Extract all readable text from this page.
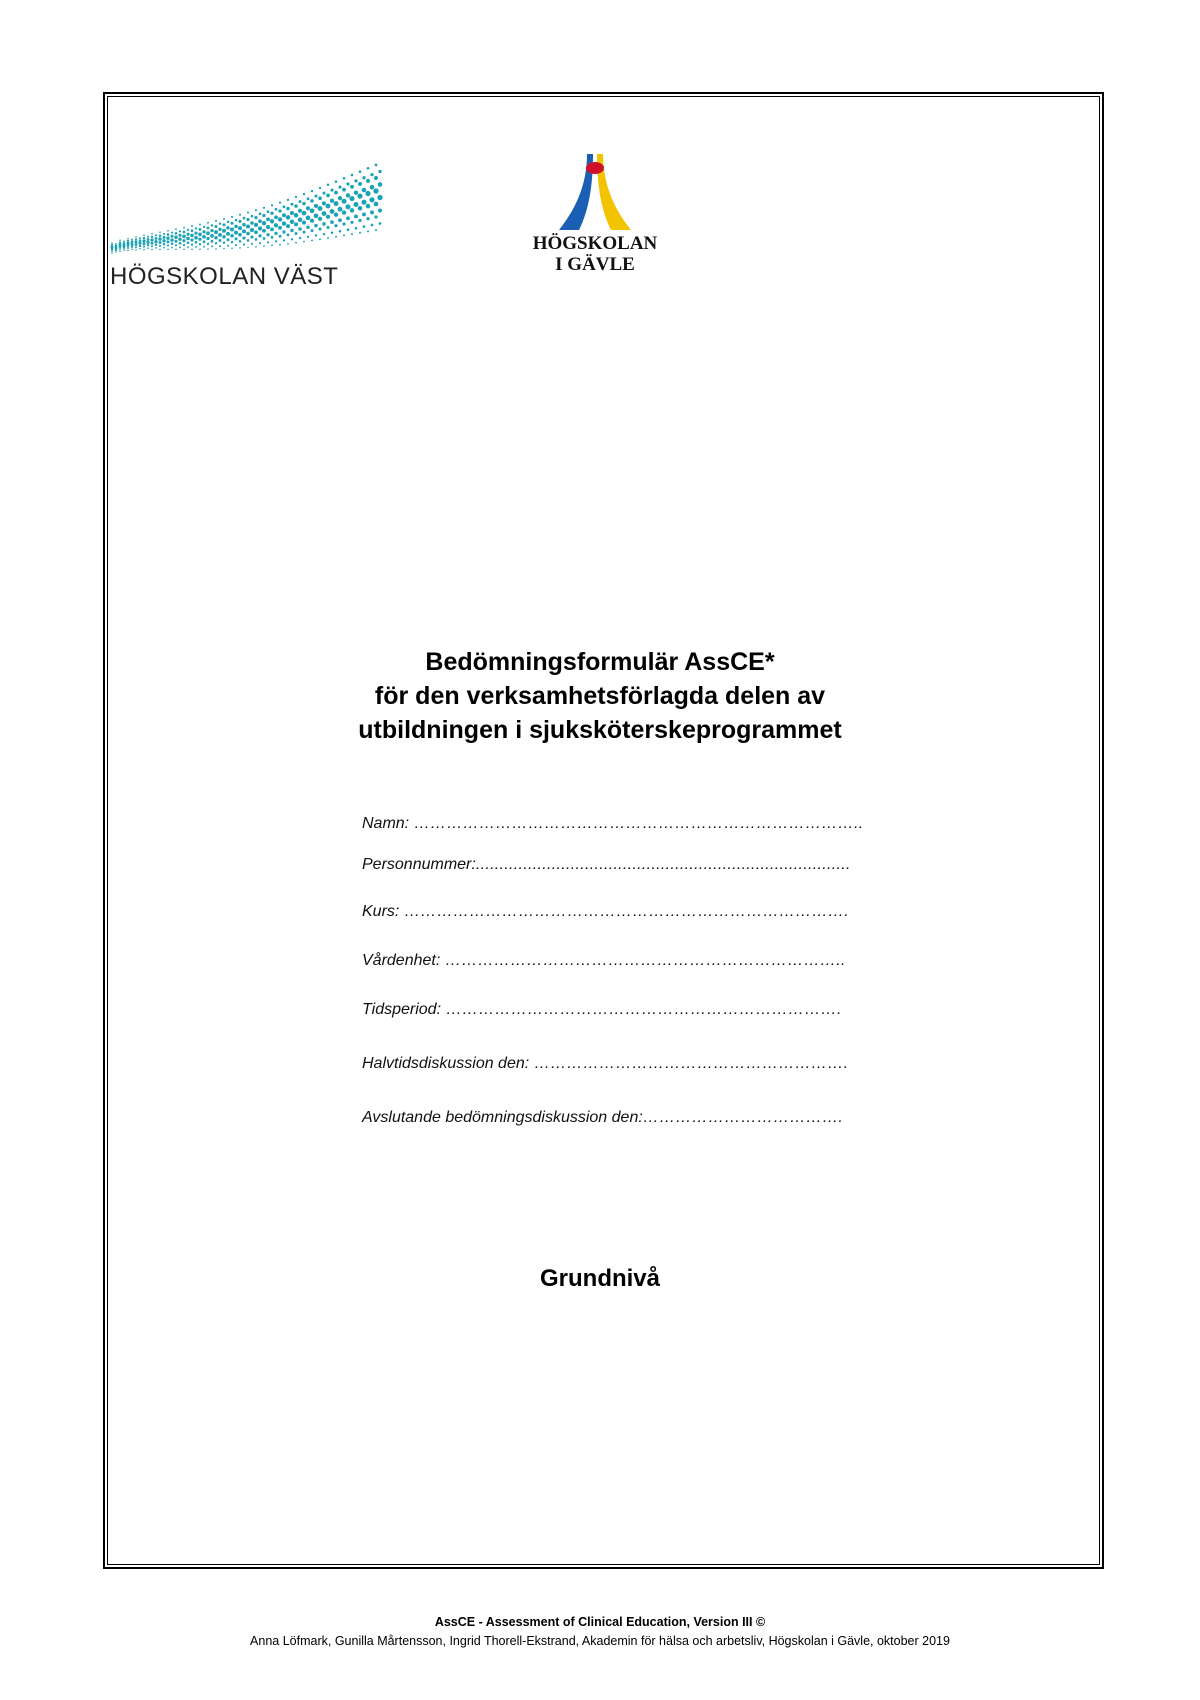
HÖGSKOLAN VÄST
HÖGSKOLAN
I GÄVLE
Bedömningsformulär AssCE*
för den verksamhetsförlagda delen av
utbildningen i sjuksköterskeprogrammet
Namn: ………………………………………………………………………..
Personnummer:...............................................................................
Kurs: ……………………………………………………………………….
Vårdenhet: ………………………………………………………………..
Tidsperiod: ……………………………………………………………….
Halvtidsdiskussion den: ………………………………………………….
Avslutande bedömningsdiskussion den:……………………………….
Grundnivå
AssCE - Assessment of Clinical Education, Version III ©
Anna Löfmark, Gunilla Mårtensson, Ingrid Thorell-Ekstrand, Akademin för hälsa och arbetsliv, Högskolan i Gävle, oktober 2019
